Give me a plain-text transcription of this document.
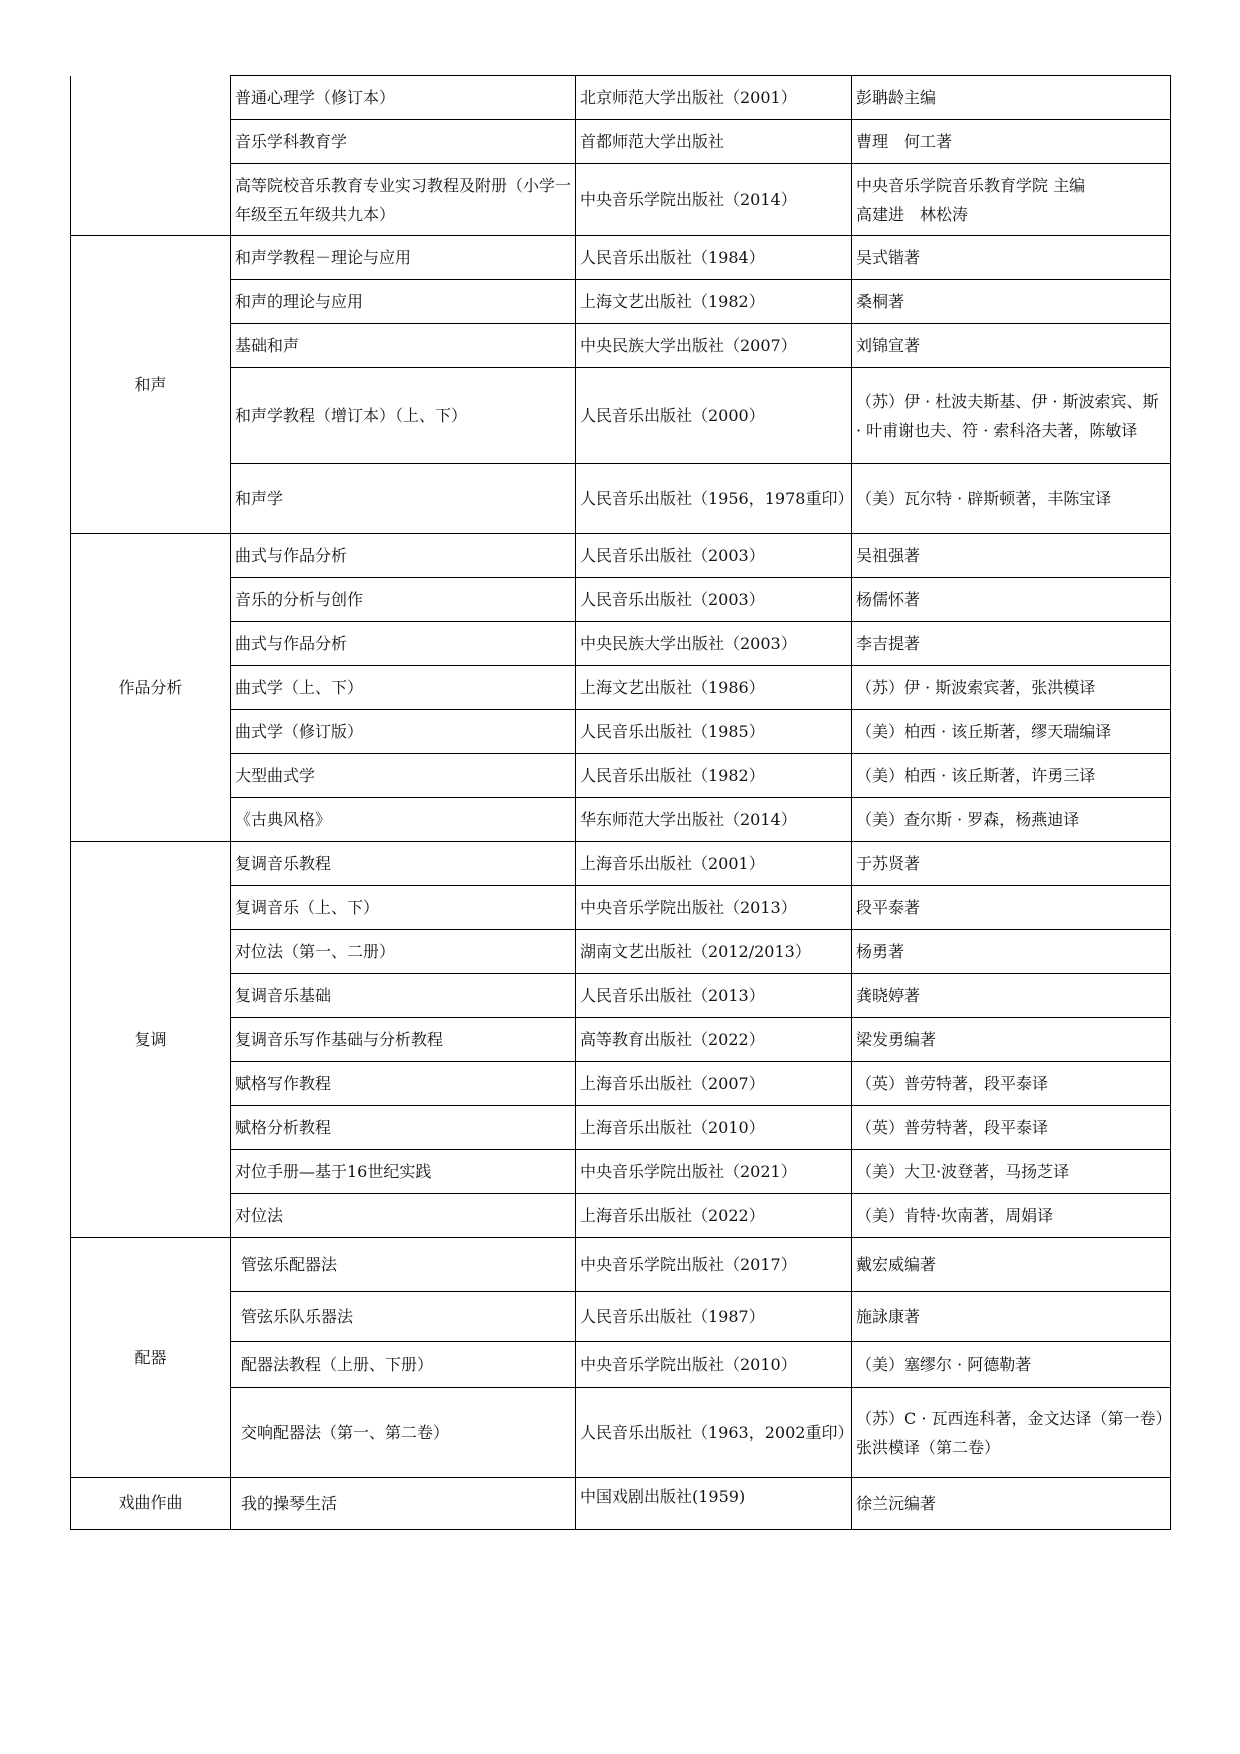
	普通心理学（修订本）	北京师范大学出版社（2001）	彭聃龄主编
	音乐学科教育学	首都师范大学出版社	曹理　何工著
	高等院校音乐教育专业实习教程及附册（小学一年级至五年级共九本）	中央音乐学院出版社（2014）	中央音乐学院音乐教育学院 主编
高建进　林松涛

和声	和声学教程－理论与应用	人民音乐出版社（1984）	吴式锴著
	和声的理论与应用	上海文艺出版社（1982）	桑桐著
	基础和声	中央民族大学出版社（2007）	刘锦宣著
	和声学教程（增订本）（上、下）	人民音乐出版社（2000）	（苏）伊 · 杜波夫斯基、伊 · 斯波索宾、斯 · 叶甫谢也夫、符 · 索科洛夫著，陈敏译
	和声学	人民音乐出版社（1956，1978重印）	（美）瓦尔特 · 辟斯顿著，丰陈宝译
作品分析	曲式与作品分析	人民音乐出版社（2003）	吴祖强著
	音乐的分析与创作	人民音乐出版社（2003）	杨儒怀著
	曲式与作品分析	中央民族大学出版社（2003）	李吉提著
	曲式学（上、下）	上海文艺出版社（1986）	（苏）伊 · 斯波索宾著，张洪模译
	曲式学（修订版）	人民音乐出版社（1985）	（美）柏西 · 该丘斯著，缪天瑞编译
	大型曲式学	人民音乐出版社（1982）	（美）柏西 · 该丘斯著，许勇三译
	《古典风格》	华东师范大学出版社（2014）	（美）查尔斯 · 罗森，杨燕迪译
复调	复调音乐教程	上海音乐出版社（2001）	于苏贤著
	复调音乐（上、下）	中央音乐学院出版社（2013）	段平泰著
	对位法（第一、二册）	湖南文艺出版社（2012/2013）	杨勇著
	复调音乐基础	人民音乐出版社（2013）	龚晓婷著
	复调音乐写作基础与分析教程	高等教育出版社（2022）	梁发勇编著
	赋格写作教程	上海音乐出版社（2007）	（英）普劳特著，段平泰译
	赋格分析教程	上海音乐出版社（2010）	（英）普劳特著，段平泰译
	对位手册—基于16世纪实践	中央音乐学院出版社（2021）	（美）大卫·波登著，马扬芝译
	对位法	上海音乐出版社（2022）	（美）肯特·坎南著，周娟译
配器	管弦乐配器法	中央音乐学院出版社（2017）	戴宏威编著
	管弦乐队乐器法	人民音乐出版社（1987）	施詠康著
	配器法教程（上册、下册）	中央音乐学院出版社（2010）	（美）塞缪尔 · 阿德勒著
	交响配器法（第一、第二卷）	人民音乐出版社（1963，2002重印）	（苏）C · 瓦西连科著，金文达译（第一卷）
张洪模译（第二卷）

戏曲作曲	我的操琴生活	中国戏剧出版社(1959)	徐兰沅编著
